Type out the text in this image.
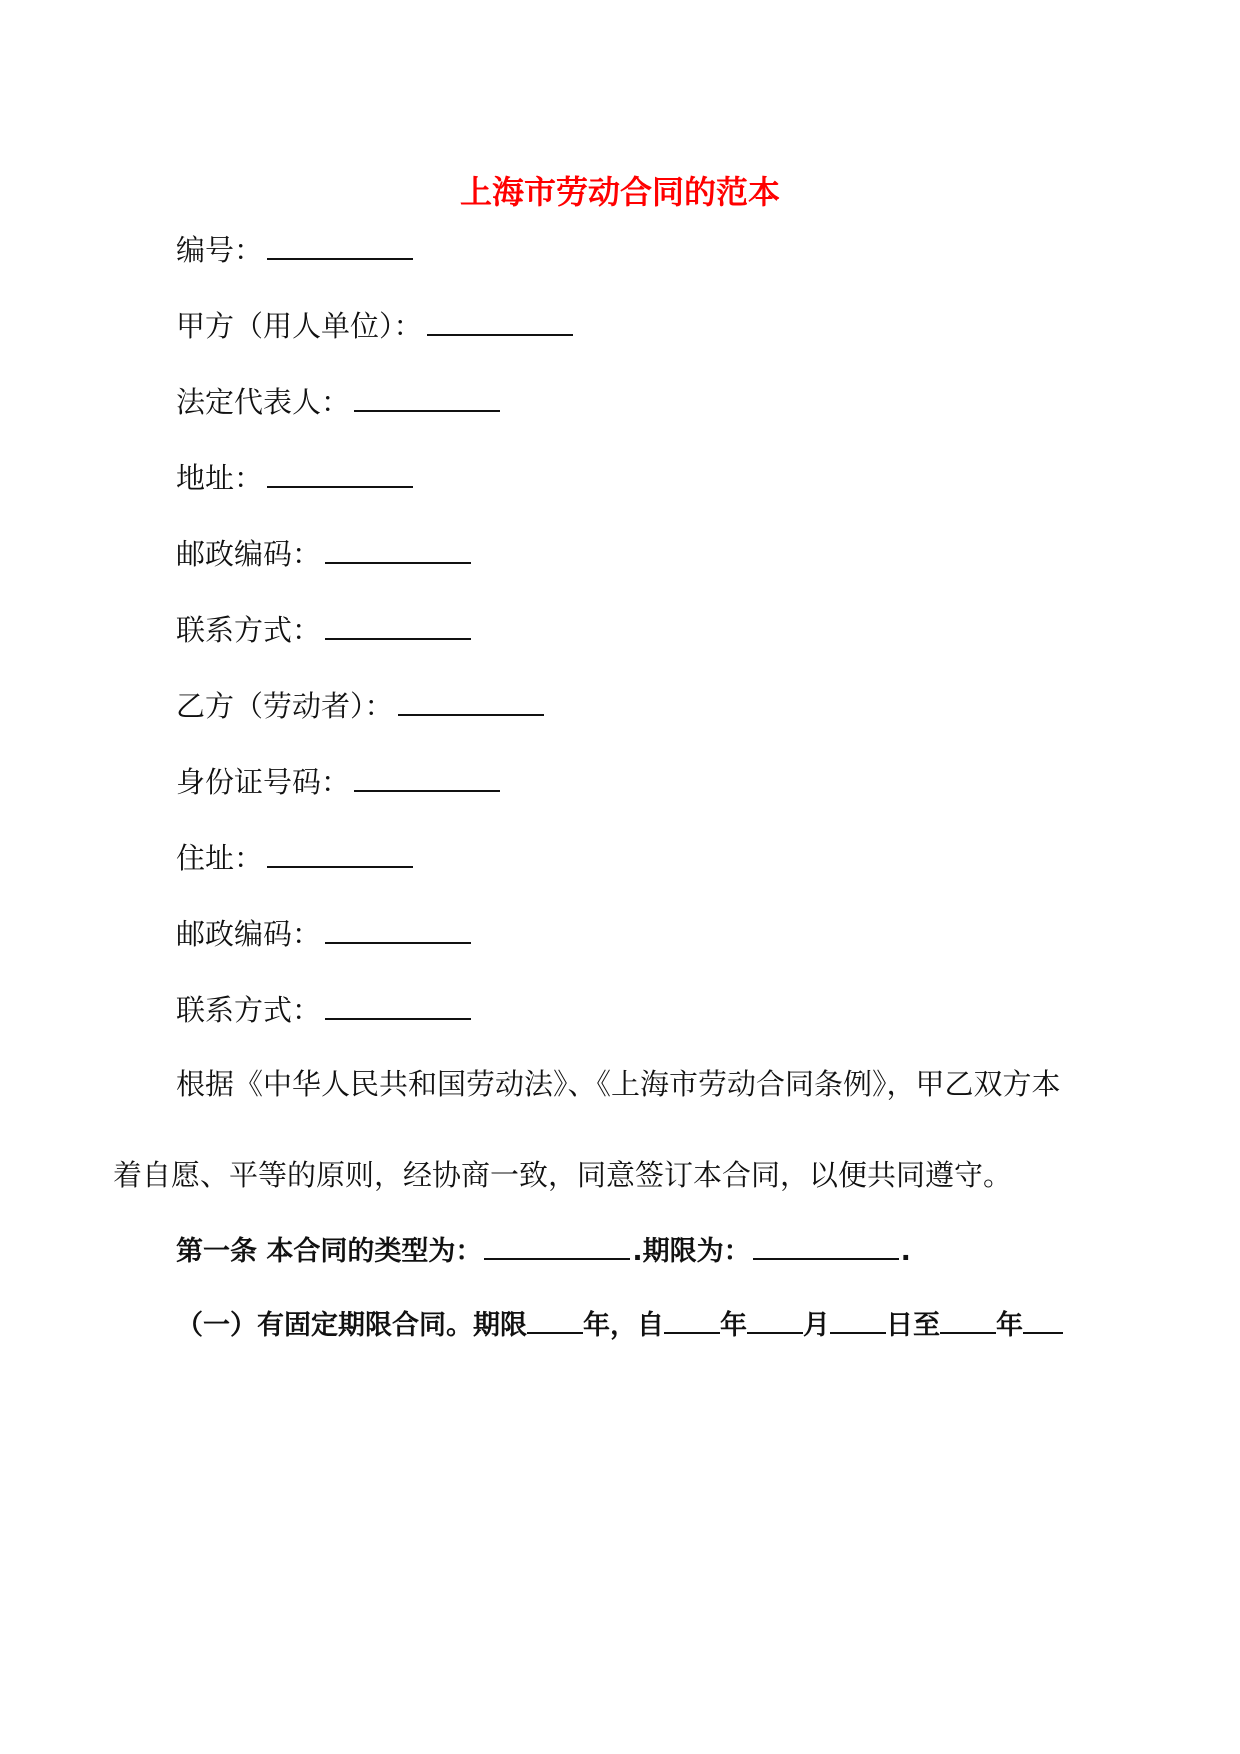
上海市劳动合同的范本
编号：
甲方（用人单位）：
法定代表人：
地址：
邮政编码：
联系方式：
乙方（劳动者）：
身份证号码：
住址：
邮政编码：
联系方式：
根据《中华人民共和国劳动法》、《上海市劳动合同条例》，甲乙双方本
着自愿、平等的原则，经协商一致，同意签订本合同，以便共同遵守。
第一条 本合同的类型为：	.期限为：	.
（一）有固定期限合同。期限 年，自 年 月 日至 年
